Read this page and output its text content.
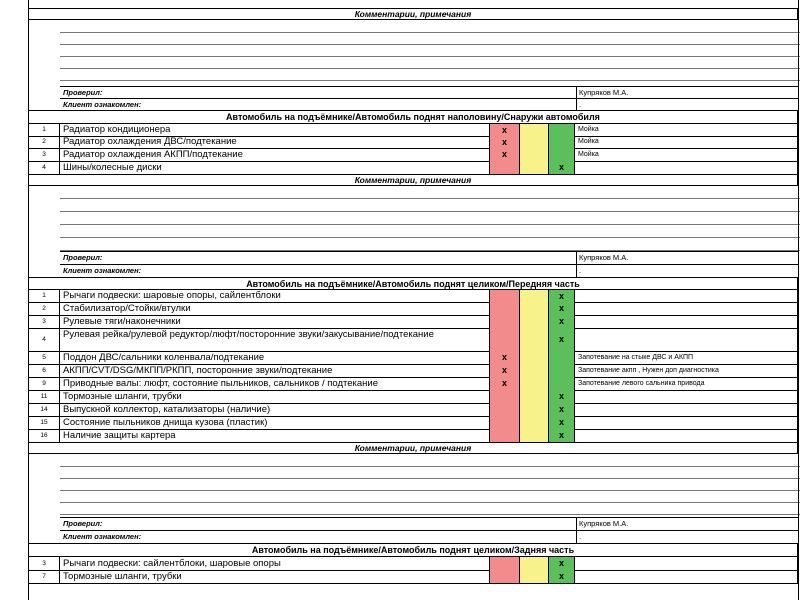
Комментарии, примечания
Проверил:	Купряков М.А.
Клиент ознакомлен:	.
Автомобиль на подъёмнике/Автомобиль поднят наполовину/Снаружи автомобиля
1	Радиатор кондиционера	x	Мойка
2	Радиатор охлаждения ДВС/подтекание	x	Мойка
3	Радиатор охлаждения АКПП/подтекание	x	Мойка
4	Шины/колесные диски	x
Комментарии, примечания
Проверил:	Купряков М.А.
Клиент ознакомлен:	.
Автомобиль на подъёмнике/Автомобиль поднят целиком/Передняя часть
1	Рычаги подвески: шаровые опоры, сайлентблоки	x
2	Стабилизатор/Стойки/втулки	x
3	Рулевые тяги/наконечники	x
4	Рулевая рейка/рулевой редуктор/люфт/посторонние звуки/закусывание/подтекание	x
5	Поддон ДВС/сальники коленвала/подтекание	x	Запотевание на стыке ДВС и АКПП
6	АКПП/CVT/DSG/МКПП/РКПП, посторонние звуки/подтекание	x	Запотевание акпп , Нужен доп диагностика
9	Приводные валы: люфт, состояние пыльников, сальников / подтекание	x	Запотевание левого сальника привода
11	Тормозные шланги, трубки	x
14	Выпускной коллектор, катализаторы (наличие)	x
15	Состояние пыльников днища кузова (пластик)	x
16	Наличие защиты картера	x
Комментарии, примечания
Проверил:	Купряков М.А.
Клиент ознакомлен:	.
Автомобиль на подъёмнике/Автомобиль поднят целиком/Задняя часть
3	Рычаги подвески: сайлентблоки, шаровые опоры	x
7	Тормозные шланги, трубки	x
